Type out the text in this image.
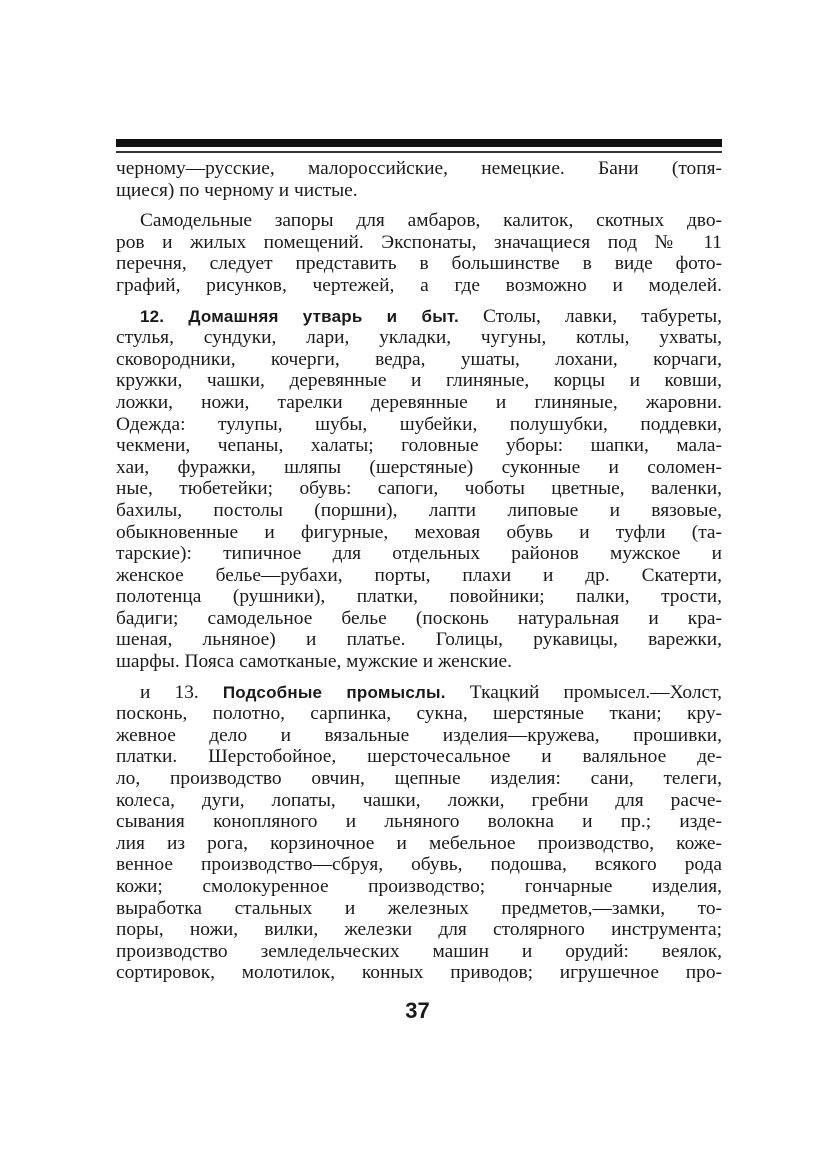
черному—русские, малороссийские, немецкие. Бани (топя-
щиеся) по черному и чистые.
Самодельные запоры для амбаров, калиток, скотных дво-
ров и жилых помещений. Экспонаты, значащиеся под № 11
перечня, следует представить в большинстве в виде фото-
графий, рисунков, чертежей, а где возможно и моделей.
12. Домашняя утварь и быт. Столы, лавки, табуреты,
стулья, сундуки, лари, укладки, чугуны, котлы, ухваты,
сковородники, кочерги, ведра, ушаты, лохани, корчаги,
кружки, чашки, деревянные и глиняные, корцы и ковши,
ложки, ножи, тарелки деревянные и глиняные, жаровни.
Одежда: тулупы, шубы, шубейки, полушубки, поддевки,
чекмени, чепаны, халаты; головные уборы: шапки, мала-
хаи, фуражки, шляпы (шерстяные) суконные и соломен-
ные, тюбетейки; обувь: сапоги, чоботы цветные, валенки,
бахилы, постолы (поршни), лапти липовые и вязовые,
обыкновенные и фигурные, меховая обувь и туфли (та-
тарские): типичное для отдельных районов мужское и
женское белье—рубахи, порты, плахи и др. Скатерти,
полотенца (рушники), платки, повойники; палки, трости,
бадиги; самодельное белье (посконь натуральная и кра-
шеная, льняное) и платье. Голицы, рукавицы, варежки,
шарфы. Пояса самотканые, мужские и женские.
и 13. Подсобные промыслы. Ткацкий промысел.—Холст,
посконь, полотно, сарпинка, сукна, шерстяные ткани; кру-
жевное дело и вязальные изделия—кружева, прошивки,
платки. Шерстобойное, шерсточесальное и валяльное де-
ло, производство овчин, щепные изделия: сани, телеги,
колеса, дуги, лопаты, чашки, ложки, гребни для расче-
сывания конопляного и льняного волокна и пр.; изде-
лия из рога, корзиночное и мебельное производство, коже-
венное производство—сбруя, обувь, подошва, всякого рода
кожи; смолокуренное производство; гончарные изделия,
выработка стальных и железных предметов,—замки, то-
поры, ножи, вилки, железки для столярного инструмента;
производство земледельческих машин и орудий: веялок,
сортировок, молотилок, конных приводов; игрушечное про-
37
